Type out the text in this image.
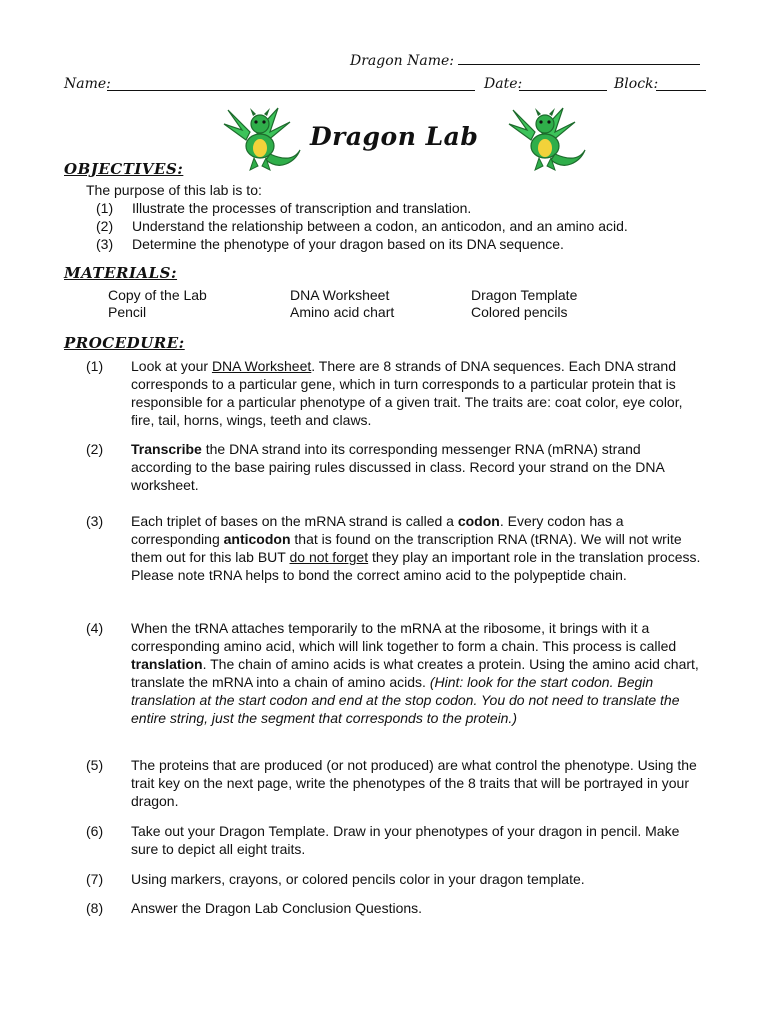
Dragon Name:
Name:	Date:	Block:
Dragon Lab
OBJECTIVES:
The purpose of this lab is to:
(1) Illustrate the processes of transcription and translation.
(2) Understand the relationship between a codon, an anticodon, and an amino acid.
(3) Determine the phenotype of your dragon based on its DNA sequence.
MATERIALS:
Copy of the Lab
Pencil
DNA Worksheet
Amino acid chart
Dragon Template
Colored pencils
PROCEDURE:
(1) Look at your DNA Worksheet. There are 8 strands of DNA sequences. Each DNA strand corresponds to a particular gene, which in turn corresponds to a particular protein that is responsible for a particular phenotype of a given trait. The traits are: coat color, eye color, fire, tail, horns, wings, teeth and claws.
(2) Transcribe the DNA strand into its corresponding messenger RNA (mRNA) strand according to the base pairing rules discussed in class. Record your strand on the DNA worksheet.
(3) Each triplet of bases on the mRNA strand is called a codon. Every codon has a corresponding anticodon that is found on the transcription RNA (tRNA). We will not write them out for this lab BUT do not forget they play an important role in the translation process. Please note tRNA helps to bond the correct amino acid to the polypeptide chain.
(4) When the tRNA attaches temporarily to the mRNA at the ribosome, it brings with it a corresponding amino acid, which will link together to form a chain. This process is called translation. The chain of amino acids is what creates a protein. Using the amino acid chart, translate the mRNA into a chain of amino acids. (Hint: look for the start codon. Begin translation at the start codon and end at the stop codon. You do not need to translate the entire string, just the segment that corresponds to the protein.)
(5) The proteins that are produced (or not produced) are what control the phenotype. Using the trait key on the next page, write the phenotypes of the 8 traits that will be portrayed in your dragon.
(6) Take out your Dragon Template. Draw in your phenotypes of your dragon in pencil. Make sure to depict all eight traits.
(7) Using markers, crayons, or colored pencils color in your dragon template.
(8) Answer the Dragon Lab Conclusion Questions.
